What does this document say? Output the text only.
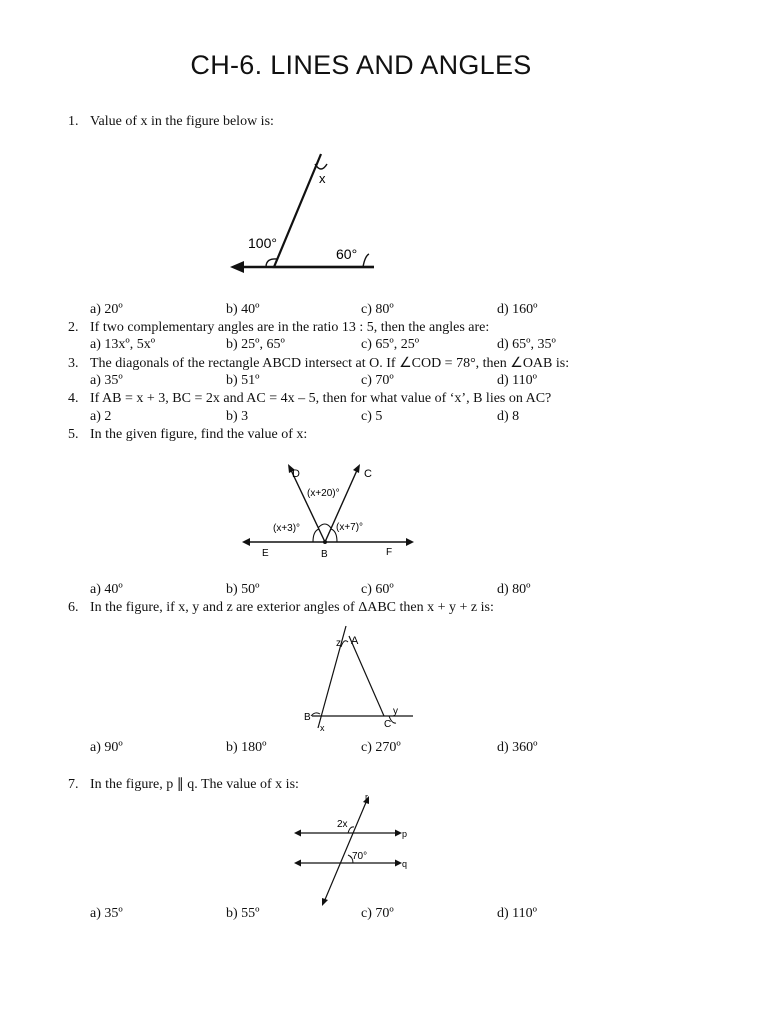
CH-6. LINES AND ANGLES
1. Value of x in the figure below is:
x
100°
60°
a) 20º	b) 40º	c) 80º	d) 160º
2. If two complementary angles are in the ratio 13 : 5, then the angles are:
a) 13xº, 5xº	b) 25º, 65º	c) 65º, 25º	d) 65º, 35º
3. The diagonals of the rectangle ABCD intersect at O. If ∠COD = 78°, then ∠OAB is:
a) 35º	b) 51º	c) 70º	d) 110º
4. If AB = x + 3, BC = 2x and AC = 4x – 5, then for what value of ‘x’, B lies on AC?
a) 2	b) 3	c) 5	d) 8
5. In the given figure, find the value of x:
D	C
(x+20)°
(x+3)°	(x+7)°
E	B	F
a) 40º	b) 50º	c) 60º	d) 80º
6. In the figure, if x, y and z are exterior angles of ΔABC then x + y + z is:
z A
B
C
x
y
a) 90º	b) 180º	c) 270º	d) 360º
7. In the figure, p ∥ q. The value of x is:
r
2x
p
70°
q
a) 35º	b) 55º	c) 70º	d) 110º
